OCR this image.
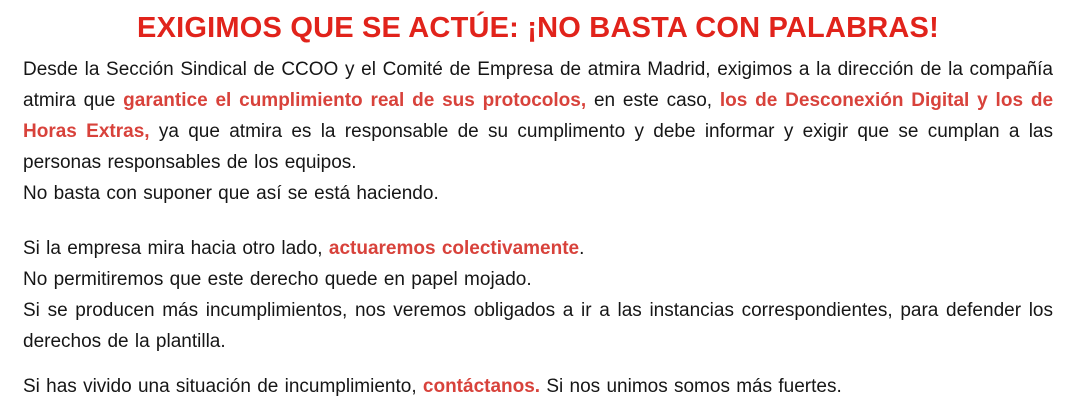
EXIGIMOS QUE SE ACTÚE: ¡NO BASTA CON PALABRAS!

Desde la Sección Sindical de CCOO y el Comité de Empresa de atmira Madrid, exigimos a la dirección de la compañía atmira que garantice el cumplimiento real de sus protocolos, en este caso, los de Desconexión Digital y los de Horas Extras, ya que atmira es la responsable de su cumplimento y debe informar y exigir que se cumplan a las personas responsables de los equipos.

No basta con suponer que así se está haciendo.

Si la empresa mira hacia otro lado, actuaremos colectivamente.

No permitiremos que este derecho quede en papel mojado.

Si se producen más incumplimientos, nos veremos obligados a ir a las instancias correspondientes, para defender los derechos de la plantilla.

Si has vivido una situación de incumplimiento, contáctanos. Si nos unimos somos más fuertes.
